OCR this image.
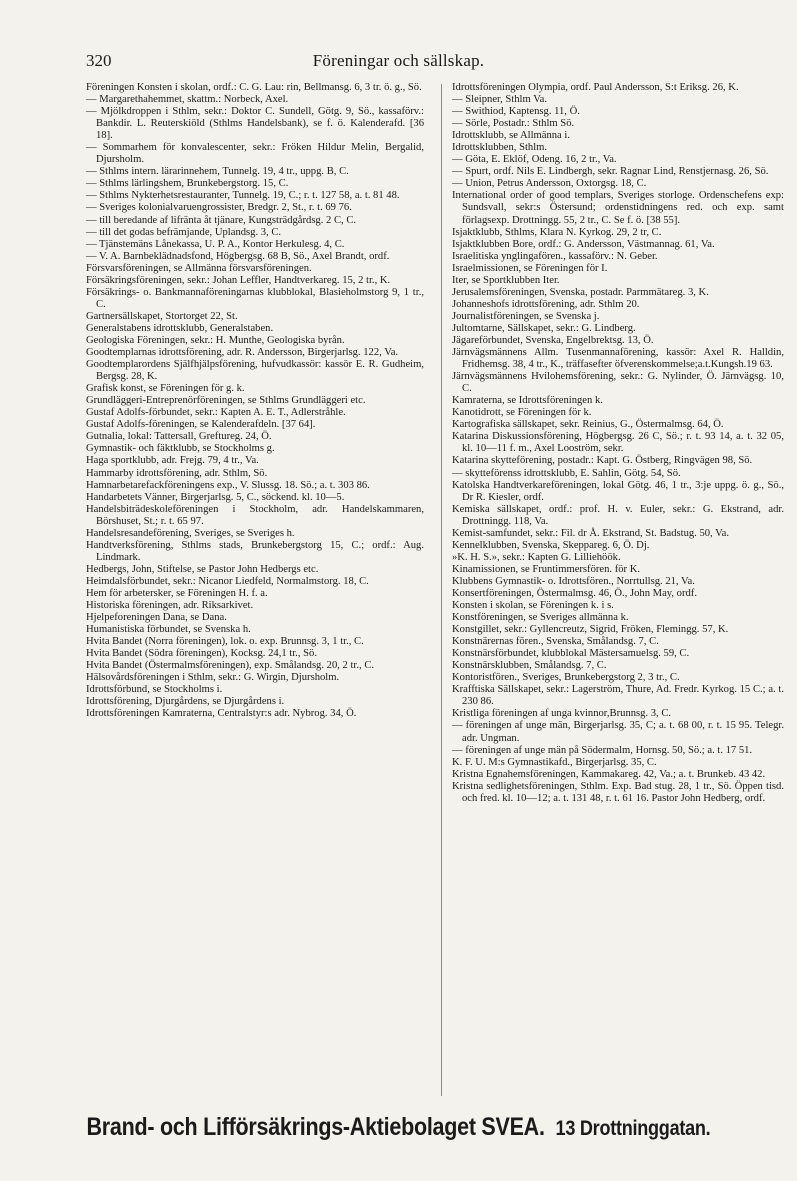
320	Föreningar och sällskap.
Föreningen Konsten i skolan, ordf.: C. G. Lau: rin, Bellmansg. 6, 3 tr. ö. g., Sö.
— Margarethahemmet, skattm.: Norbeck, Axel.
— Mjölkdroppen i Sthlm, sekr.: Doktor C. Sundell, Götg. 9, Sö., kassaförv.: Bankdir. L. Reuterskiöld (Sthlms Handelsbank), se f. ö. Kalenderafd. [36 18].
— Sommarhem för konvalescenter, sekr.: Fröken Hildur Melin, Bergalid, Djursholm.
— Sthlms intern. lärarinnehem, Tunnelg. 19, 4 tr., uppg. B, C.
— Sthlms lärlingshem, Brunkebergstorg. 15, C.
— Sthlms Nykterhetsrestauranter, Tunnelg. 19, C.; r. t. 127 58, a. t. 81 48.
— Sveriges kolonialvaruengrossister, Bredgr. 2, St., r. t. 69 76.
— till beredande af lifränta åt tjänare, Kungsträdgårdsg. 2 C, C.
— till det godas befrämjande, Uplandsg. 3, C.
— Tjänstemäns Lånekassa, U. P. A., Kontor Herkulesg. 4, C.
— V. A. Barnbeklädnadsfond, Högbergsg. 68 B, Sö., Axel Brandt, ordf.
Försvarsföreningen, se Allmänna försvarsföreningen.
Försäkringsföreningen, sekr.: Johan Leffler, Handtverkareg. 15, 2 tr., K.
Försäkrings- o. Bankmannaföreningarnas klubblokal, Blasieholmstorg 9, 1 tr., C.
Gartnersällskapet, Stortorget 22, St.
Generalstabens idrottsklubb, Generalstaben.
Geologiska Föreningen, sekr.: H. Munthe, Geologiska byrån.
Goodtemplarnas idrottsförening, adr. R. Andersson, Birgerjarlsg. 122, Va.
Goodtemplarordens Själfhjälpsförening, hufvudkassör: kassör E. R. Gudheim, Bergsg. 28, K.
Grafisk konst, se Föreningen för g. k.
Grundläggeri-Entreprenörföreningen, se Sthlms Grundläggeri etc.
Gustaf Adolfs-förbundet, sekr.: Kapten A. E. T., Adlerstråhle.
Gustaf Adolfs-föreningen, se Kalenderafdeln. [37 64].
Gutnalia, lokal: Tattersall, Greftureg. 24, Ö.
Gymnastik- och fäktklubb, se Stockholms g.
Haga sportklubb, adr. Frejg. 79, 4 tr., Va.
Hammarby idrottsförening, adr. Sthlm, Sö.
Hamnarbetarefackföreningens exp., V. Slussg. 18. Sö.; a. t. 303 86.
Handarbetets Vänner, Birgerjarlsg. 5, C., söckend. kl. 10—5.
Handelsbiträdeskoleföreningen i Stockholm, adr. Handelskammaren, Börshuset, St.; r. t. 65 97.
Handelsresandeförening, Sveriges, se Sveriges h.
Handtverksförening, Sthlms stads, Brunkebergstorg 15, C.; ordf.: Aug. Lindmark.
Hedbergs, John, Stiftelse, se Pastor John Hedbergs etc.
Heimdalsförbundet, sekr.: Nicanor Liedfeld, Normalmstorg. 18, C.
Hem för arbetersker, se Föreningen H. f. a.
Historiska föreningen, adr. Riksarkivet.
Hjelpeforeningen Dana, se Dana.
Humanistiska förbundet, se Svenska h.
Hvita Bandet (Norra föreningen), lok. o. exp. Brunnsg. 3, 1 tr., C.
Hvita Bandet (Södra föreningen), Kocksg. 24,1 tr., Sö.
Hvita Bandet (Östermalmsföreningen), exp. Smålandsg. 20, 2 tr., C.
Hälsovårdsföreningen i Sthlm, sekr.: G. Wirgin, Djursholm.
Idrottsförbund, se Stockholms i.
Idrottsförening, Djurgårdens, se Djurgårdens i.
Idrottsföreningen Kamraterna, Centralstyr:s adr. Nybrog. 34, Ö.
Idrottsföreningen Olympia, ordf. Paul Andersson, S:t Eriksg. 26, K.
— Sleipner, Sthlm Va.
— Swithiod, Kaptensg. 11, Ö.
— Sörle, Postadr.: Sthlm Sö.
Idrottsklubb, se Allmänna i.
Idrottsklubben, Sthlm.
— Göta, E. Eklöf, Odeng. 16, 2 tr., Va.
— Spurt, ordf. Nils E. Lindbergh, sekr. Ragnar Lind, Renstjernasg. 26, Sö.
— Union, Petrus Andersson, Oxtorgsg. 18, C.
International order of good templars, Sveriges storloge. Ordenschefens exp: Sundsvall, sekr:s Östersund; ordenstidningens red. och exp. samt förlagsexp. Drottningg. 55, 2 tr., C. Se f. ö. [38 55].
Isjaktklubb, Sthlms, Klara N. Kyrkog. 29, 2 tr, C.
Isjaktklubben Bore, ordf.: G. Andersson, Västmannag. 61, Va.
Israelitiska ynglingafören., kassaförv.: N. Geber.
Israelmissionen, se Föreningen för I.
Iter, se Sportklubben Iter.
Jerusalemsföreningen, Svenska, postadr. Parmmätareg. 3, K.
Johanneshofs idrottsförening, adr. Sthlm 20.
Journalistföreningen, se Svenska j.
Jultomtarne, Sällskapet, sekr.: G. Lindberg.
Jägareförbundet, Svenska, Engelbrektsg. 13, Ö.
Järnvägsmännens Allm. Tusenmannaförening, kassör: Axel R. Halldin, Fridhemsg. 38, 4 tr., K., träffasefter öfverenskommelse;a.t.Kungsh.19 63.
Järnvägsmännens Hvilohemsförening, sekr.: G. Nylinder, Ö. Järnvägsg. 10, C.
Kamraterna, se Idrottsföreningen k.
Kanotidrott, se Föreningen för k.
Kartografiska sällskapet, sekr. Reinius, G., Östermalmsg. 64, Ö.
Katarina Diskussionsförening, Högbergsg. 26 C, Sö.; r. t. 93 14, a. t. 32 05, kl. 10—11 f. m., Axel Looström, sekr.
Katarina skytteförening, postadr.: Kapt. G. Östberg, Ringvägen 98, Sö.
— skytteförenss idrottsklubb, E. Sahlin, Götg. 54, Sö.
Katolska Handtverkareföreningen, lokal Götg. 46, 1 tr., 3:je uppg. ö. g., Sö., Dr R. Kiesler, ordf.
Kemiska sällskapet, ordf.: prof. H. v. Euler, sekr.: G. Ekstrand, adr. Drottningg. 118, Va.
Kemist-samfundet, sekr.: Fil. dr Å. Ekstrand, St. Badstug. 50, Va.
Kennelklubben, Svenska, Skeppareg. 6, Ö. Dj.
»K. H. S.», sekr.: Kapten G. Lilliehöök.
Kinamissionen, se Fruntimmersfören. för K.
Klubbens Gymnastik- o. Idrottsfören., Norrtullsg. 21, Va.
Konsertföreningen, Östermalmsg. 46, Ö., John May, ordf.
Konsten i skolan, se Föreningen k. i s.
Konstföreningen, se Sveriges allmänna k.
Konstgillet, sekr.: Gyllencreutz, Sigrid, Fröken, Flemingg. 57, K.
Konstnärernas fören., Svenska, Smålandsg. 7, C.
Konstnärsförbundet, klubblokal Mästersamuelsg. 59, C.
Konstnärsklubben, Smålandsg. 7, C.
Kontoristfören., Sveriges, Brunkebergstorg 2, 3 tr., C.
Krafftiska Sällskapet, sekr.: Lagerström, Thure, Ad. Fredr. Kyrkog. 15 C.; a. t. 230 86.
Kristliga föreningen af unga kvinnor,Brunnsg. 3, C.
— föreningen af unge män, Birgerjarlsg. 35, C; a. t. 68 00, r. t. 15 95. Telegr. adr. Ungman.
— föreningen af unge män på Södermalm, Hornsg. 50, Sö.; a. t. 17 51.
K. F. U. M:s Gymnastikafd., Birgerjarlsg. 35, C.
Kristna Egnahemsföreningen, Kammakareg. 42, Va.; a. t. Brunkeb. 43 42.
Kristna sedlighetsföreningen, Sthlm. Exp. Bad stug. 28, 1 tr., Sö. Öppen tisd. och fred. kl. 10—12; a. t. 131 48, r. t. 61 16. Pastor John Hedberg, ordf.
Brand- och Lifförsäkrings-Aktiebolaget SVEA. 13 Drottninggatan.
